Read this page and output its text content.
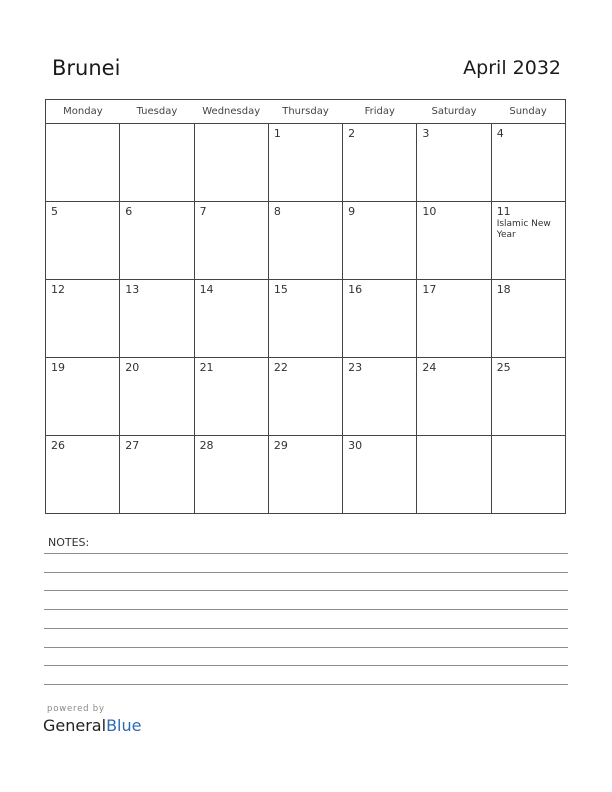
Brunei	April 2032
Monday	Tuesday	Wednesday	Thursday	Friday	Saturday	Sunday

			1	2	3	4

5	6	7	8	9	10	11
Islamic New Year

12	13	14	15	16	17	18

19	20	21	22	23	24	25

26	27	28	29	30		

NOTES:
powered by
GeneralBlue
